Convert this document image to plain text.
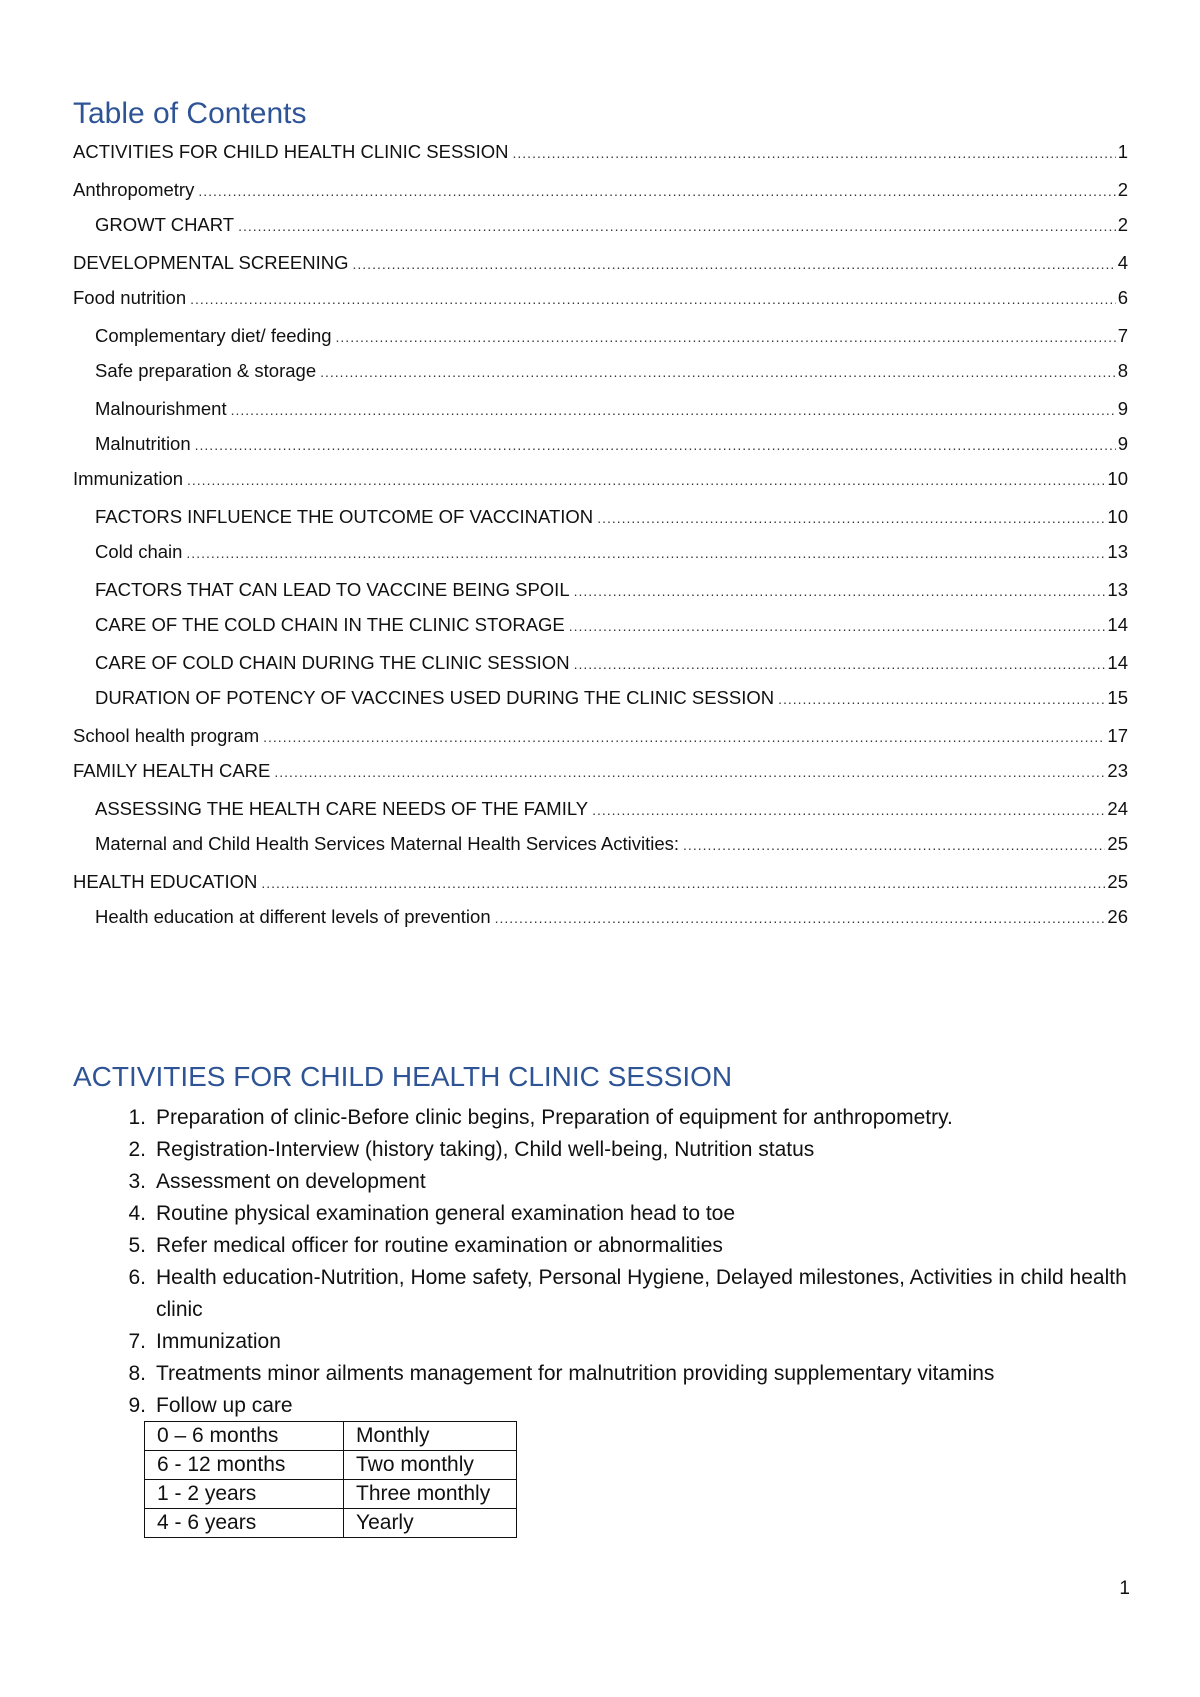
Table of Contents
ACTIVITIES FOR CHILD HEALTH CLINIC SESSION .....	1
Anthropometry .....	2
GROWT CHART .....	2
DEVELOPMENTAL SCREENING .....	4
Food nutrition .....	6
Complementary diet/ feeding .....	7
Safe preparation & storage .....	8
Malnourishment .....	9
Malnutrition .....	9
Immunization .....	10
FACTORS INFLUENCE THE OUTCOME OF VACCINATION .....	10
Cold chain .....	13
FACTORS THAT CAN LEAD TO VACCINE BEING SPOIL .....	13
CARE OF THE COLD CHAIN IN THE CLINIC STORAGE .....	14
CARE OF COLD CHAIN DURING THE CLINIC SESSION .....	14
DURATION OF POTENCY OF VACCINES USED DURING THE CLINIC SESSION .....	15
School health program .....	17
FAMILY HEALTH CARE .....	23
ASSESSING THE HEALTH CARE NEEDS OF THE FAMILY .....	24
Maternal and Child Health Services Maternal Health Services Activities: .....	25
HEALTH EDUCATION .....	25
Health education at different levels of prevention .....	26
ACTIVITIES FOR CHILD HEALTH CLINIC SESSION
1. Preparation of clinic-Before clinic begins, Preparation of equipment for anthropometry.
2. Registration-Interview (history taking), Child well-being, Nutrition status
3. Assessment on development
4. Routine physical examination general examination head to toe
5. Refer medical officer for routine examination or abnormalities
6. Health education-Nutrition, Home safety, Personal Hygiene, Delayed milestones, Activities in child health clinic
7. Immunization
8. Treatments minor ailments management for malnutrition providing supplementary vitamins
9. Follow up care
0 – 6 months	Monthly
6 - 12 months	Two monthly
1 - 2 years	Three monthly
4 - 6 years	Yearly
1
